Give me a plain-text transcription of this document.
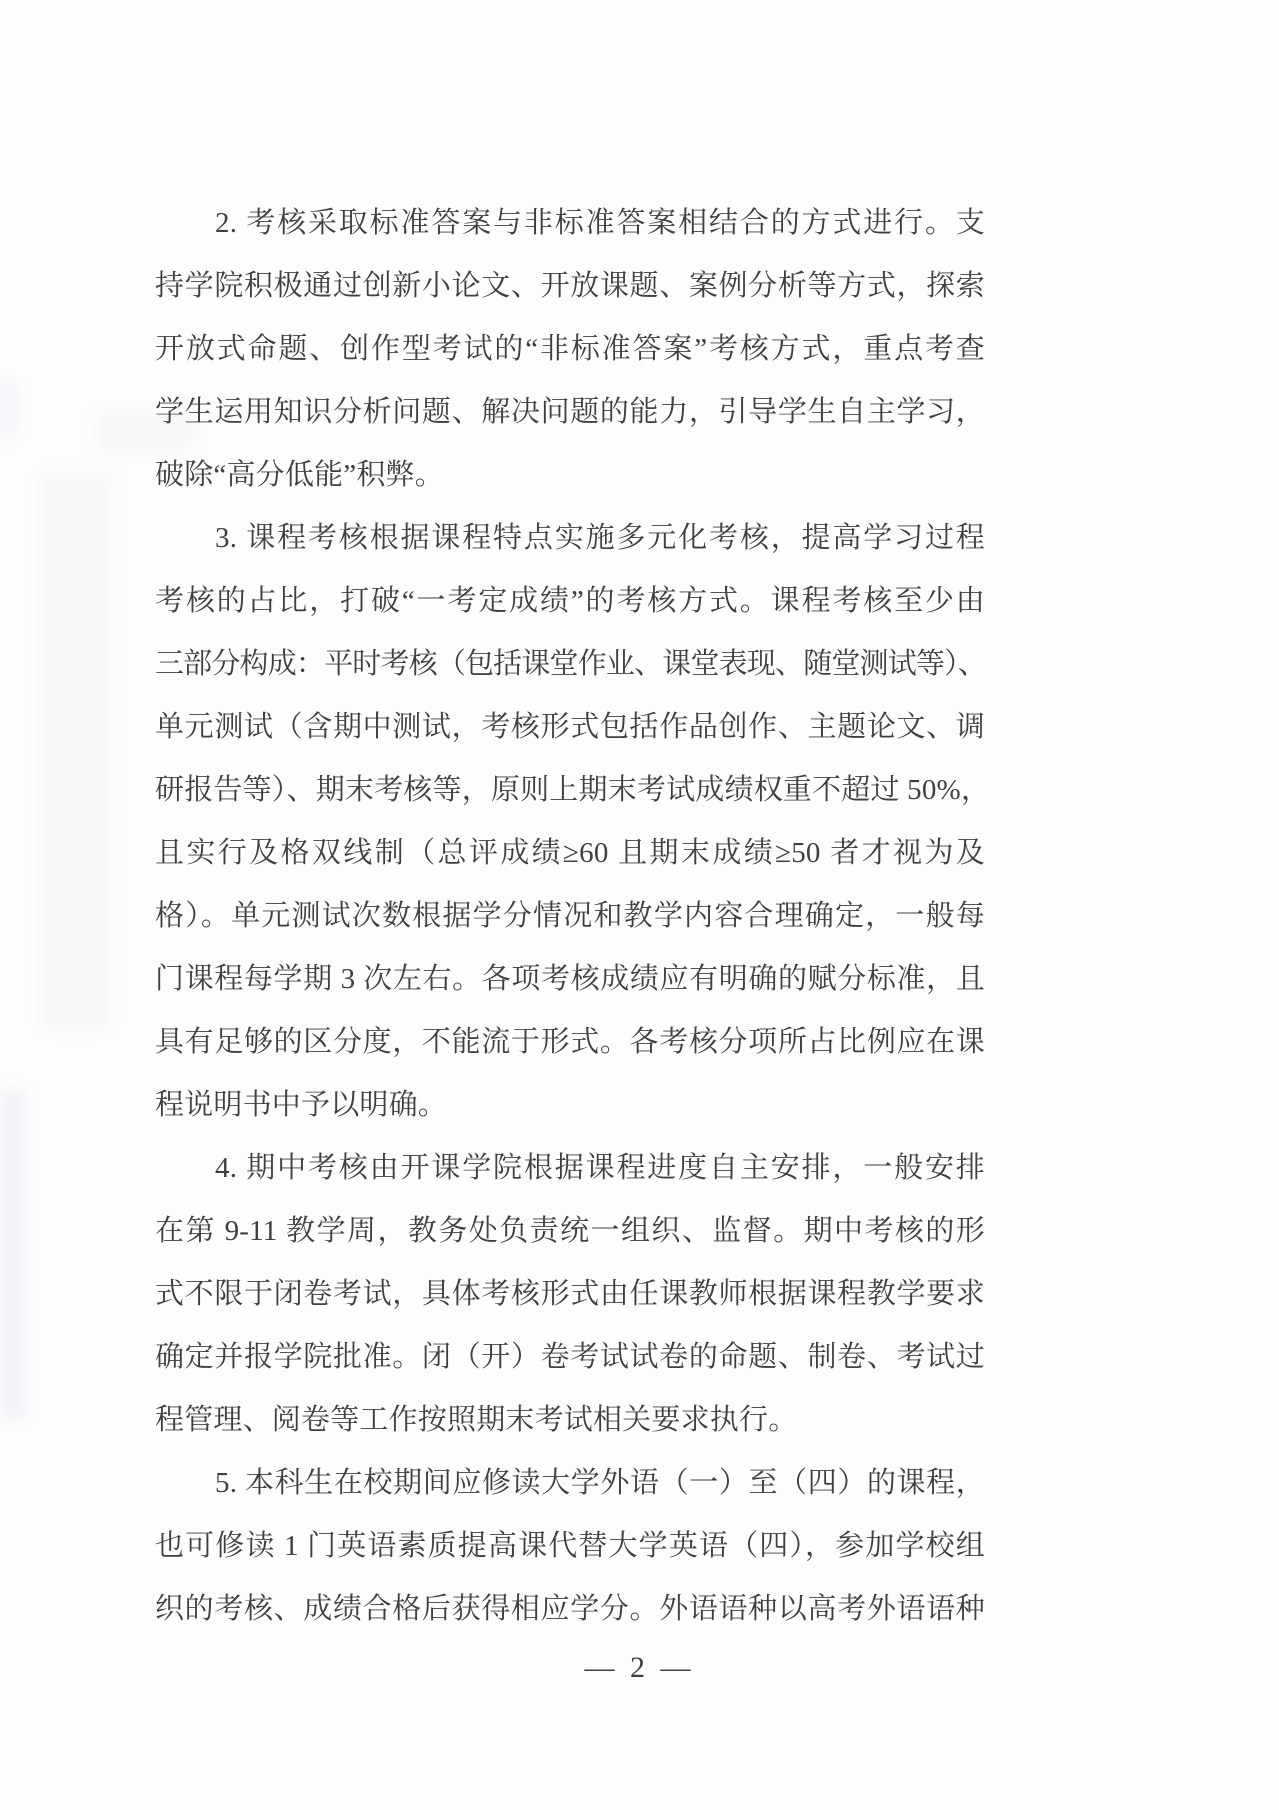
2. 考核采取标准答案与非标准答案相结合的方式进行。支
持学院积极通过创新小论文、开放课题、案例分析等方式，探索
开放式命题、创作型考试的“非标准答案”考核方式，重点考查
学生运用知识分析问题、解决问题的能力，引导学生自主学习，
破除“高分低能”积弊。
3. 课程考核根据课程特点实施多元化考核，提高学习过程
考核的占比，打破“一考定成绩”的考核方式。课程考核至少由
三部分构成：平时考核（包括课堂作业、课堂表现、随堂测试等）、
单元测试（含期中测试，考核形式包括作品创作、主题论文、调
研报告等）、期末考核等，原则上期末考试成绩权重不超过 50%，
且实行及格双线制（总评成绩≥60 且期末成绩≥50 者才视为及
格）。单元测试次数根据学分情况和教学内容合理确定，一般每
门课程每学期 3 次左右。各项考核成绩应有明确的赋分标准，且
具有足够的区分度，不能流于形式。各考核分项所占比例应在课
程说明书中予以明确。
4. 期中考核由开课学院根据课程进度自主安排，一般安排
在第 9-11 教学周，教务处负责统一组织、监督。期中考核的形
式不限于闭卷考试，具体考核形式由任课教师根据课程教学要求
确定并报学院批准。闭（开）卷考试试卷的命题、制卷、考试过
程管理、阅卷等工作按照期末考试相关要求执行。
5. 本科生在校期间应修读大学外语（一）至（四）的课程，
也可修读 1 门英语素质提高课代替大学英语（四），参加学校组
织的考核、成绩合格后获得相应学分。外语语种以高考外语语种
— 2 —
